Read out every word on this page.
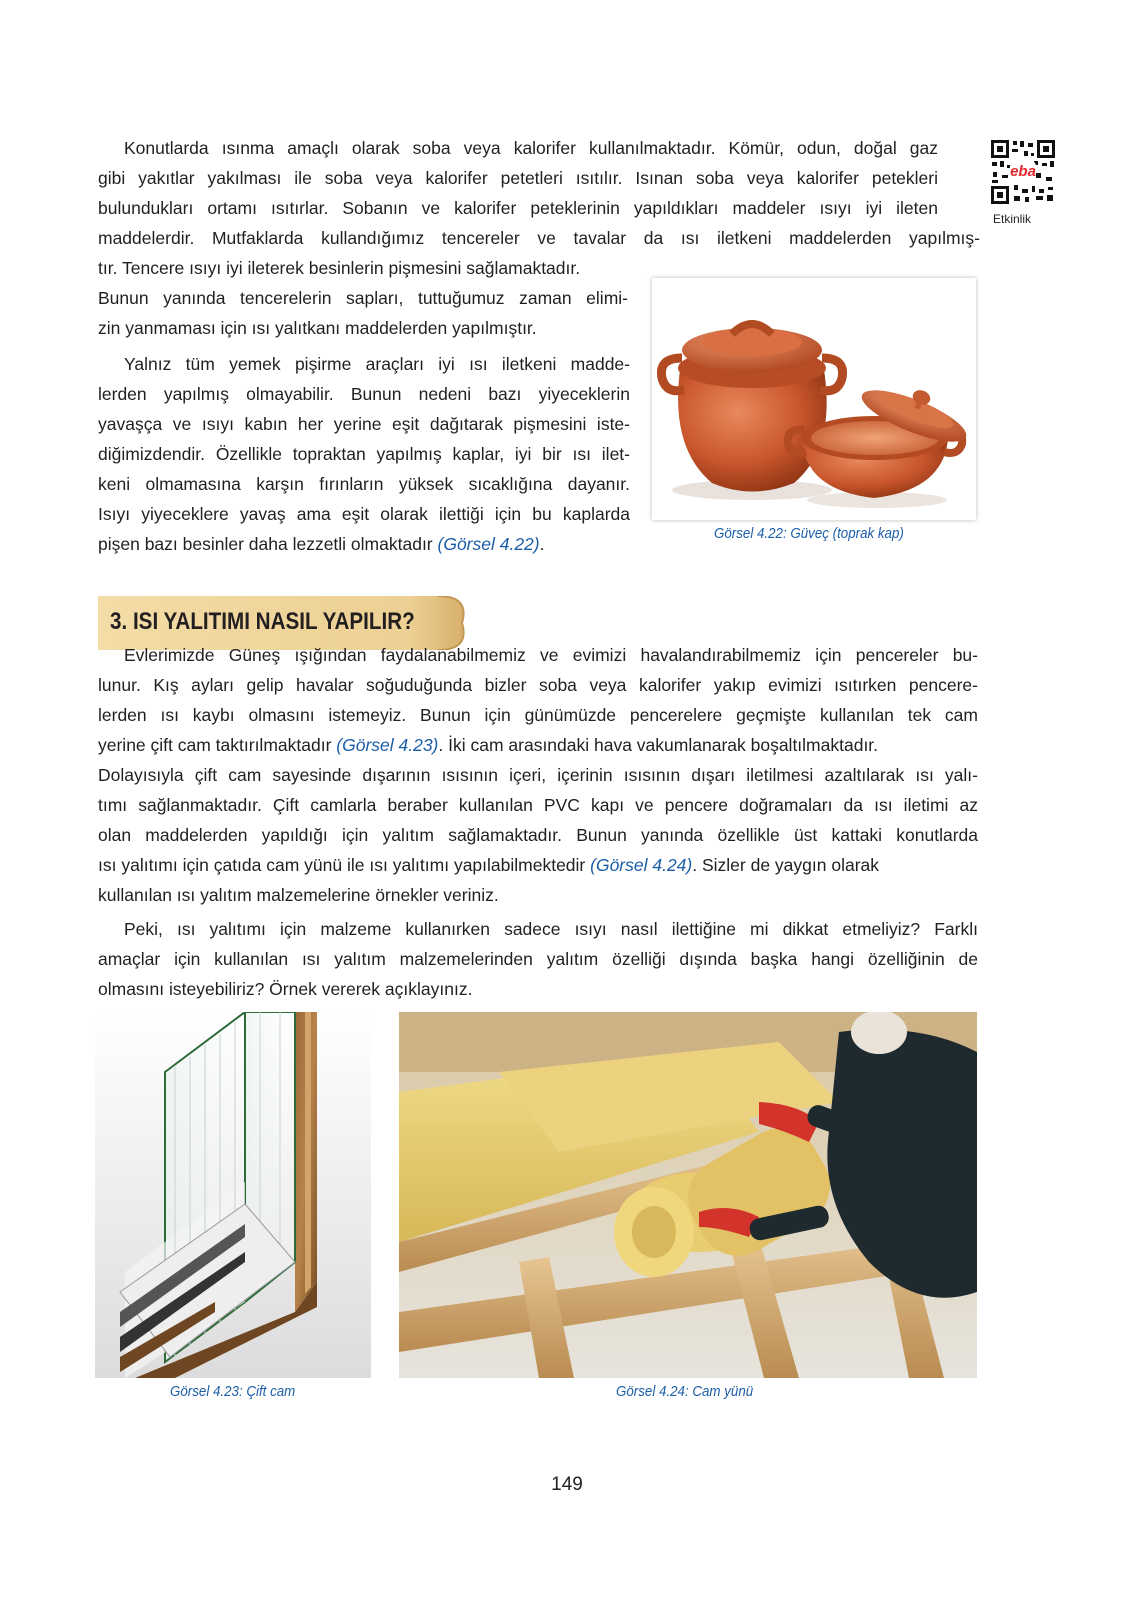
eba
Etkinlik
Konutlarda ısınma amaçlı olarak soba veya kalorifer kullanılmaktadır. Kömür, odun, doğal gaz
gibi yakıtlar yakılması ile soba veya kalorifer petetleri ısıtılır. Isınan soba veya kalorifer petekleri
bulundukları ortamı ısıtırlar. Sobanın ve kalorifer peteklerinin yapıldıkları maddeler ısıyı iyi ileten
maddelerdir. Mutfaklarda kullandığımız tencereler ve tavalar da ısı iletkeni maddelerden yapılmış-
tır. Tencere ısıyı iyi ileterek besinlerin pişmesini sağlamaktadır.
Bunun yanında tencerelerin sapları, tuttuğumuz zaman elimi-
zin yanmaması için ısı yalıtkanı maddelerden yapılmıştır.
Yalnız tüm yemek pişirme araçları iyi ısı iletkeni madde-
lerden yapılmış olmayabilir. Bunun nedeni bazı yiyeceklerin
yavaşça ve ısıyı kabın her yerine eşit dağıtarak pişmesini iste-
diğimizdendir. Özellikle topraktan yapılmış kaplar, iyi bir ısı ilet-
keni olmamasına karşın fırınların yüksek sıcaklığına dayanır.
Isıyı yiyeceklere yavaş ama eşit olarak ilettiği için bu kaplarda
pişen bazı besinler daha lezzetli olmaktadır (Görsel 4.22).	Görsel 4.22: Güveç (toprak kap)
3. ISI YALITIMI NASIL YAPILIR?
Evlerimizde Güneş ışığından faydalanabilmemiz ve evimizi havalandırabilmemiz için pencereler bu-
lunur. Kış ayları gelip havalar soğuduğunda bizler soba veya kalorifer yakıp evimizi ısıtırken pencere-
lerden ısı kaybı olmasını istemeyiz. Bunun için günümüzde pencerelere geçmişte kullanılan tek cam
yerine çift cam taktırılmaktadır (Görsel 4.23). İki cam arasındaki hava vakumlanarak boşaltılmaktadır.
Dolayısıyla çift cam sayesinde dışarının ısısının içeri, içerinin ısısının dışarı iletilmesi azaltılarak ısı yalı-
tımı sağlanmaktadır. Çift camlarla beraber kullanılan PVC kapı ve pencere doğramaları da ısı iletimi az
olan maddelerden yapıldığı için yalıtım sağlamaktadır. Bunun yanında özellikle üst kattaki konutlarda
ısı yalıtımı için çatıda cam yünü ile ısı yalıtımı yapılabilmektedir (Görsel 4.24). Sizler de yaygın olarak
kullanılan ısı yalıtım malzemelerine örnekler veriniz.
Peki, ısı yalıtımı için malzeme kullanırken sadece ısıyı nasıl ilettiğine mi dikkat etmeliyiz? Farklı
amaçlar için kullanılan ısı yalıtım malzemelerinden yalıtım özelliği dışında başka hangi özelliğinin de
olmasını isteyebiliriz? Örnek vererek açıklayınız.
Görsel 4.23: Çift cam	Görsel 4.24: Cam yünü
149
